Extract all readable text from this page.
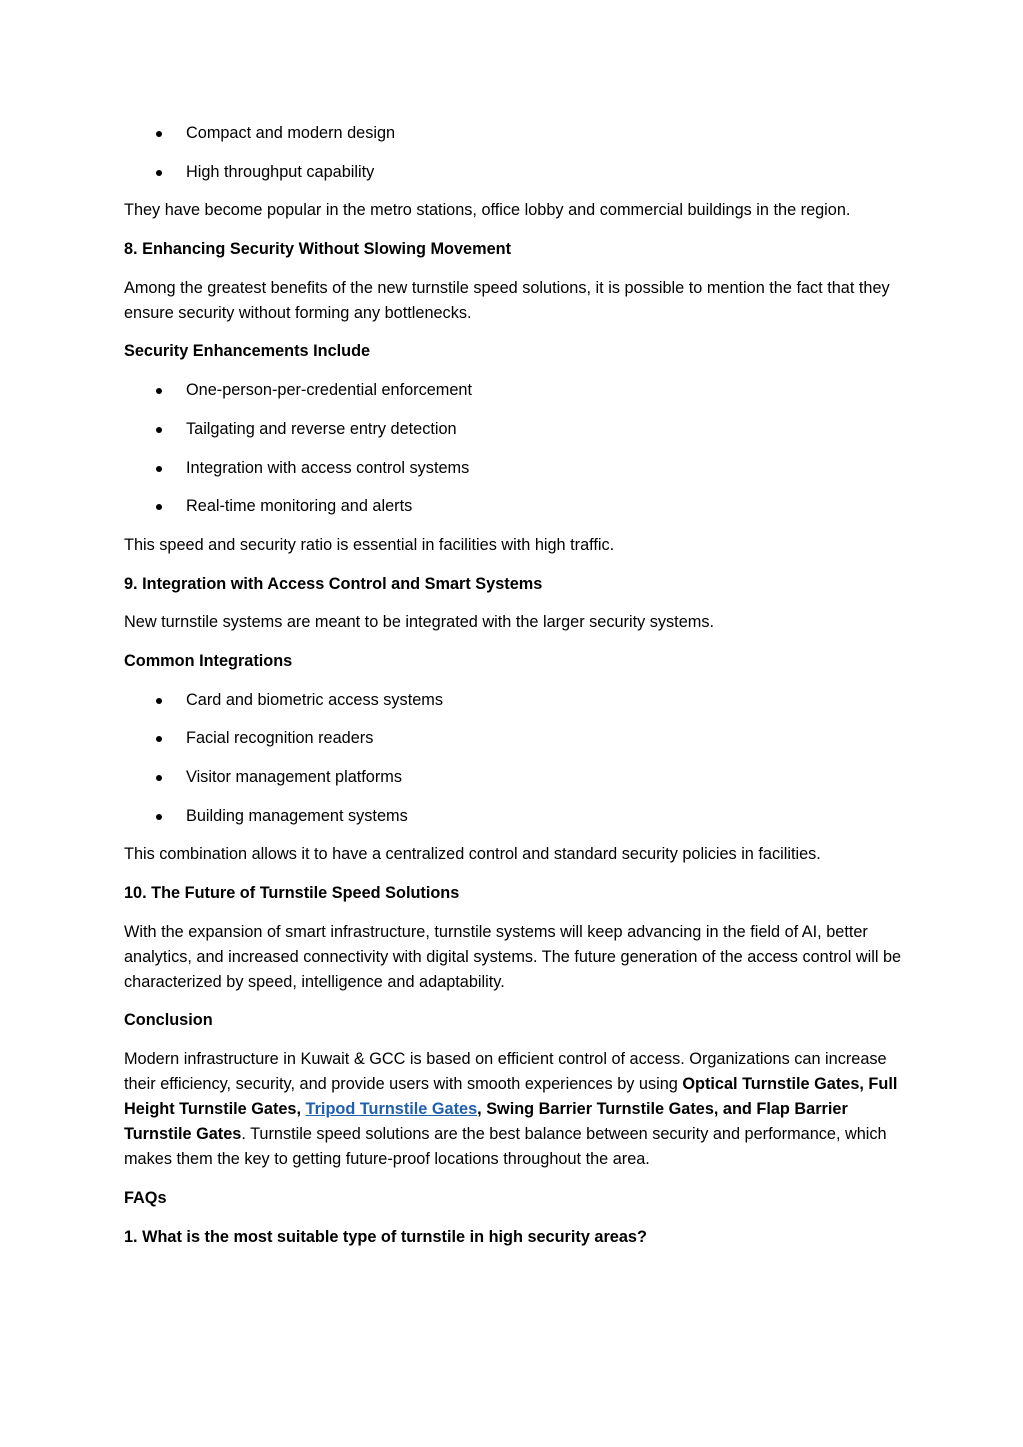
Compact and modern design
High throughput capability

They have become popular in the metro stations, office lobby and commercial buildings in the region.

8. Enhancing Security Without Slowing Movement

Among the greatest benefits of the new turnstile speed solutions, it is possible to mention the fact that they ensure security without forming any bottlenecks.

Security Enhancements Include
One-person-per-credential enforcement
Tailgating and reverse entry detection
Integration with access control systems
Real-time monitoring and alerts

This speed and security ratio is essential in facilities with high traffic.

9. Integration with Access Control and Smart Systems

New turnstile systems are meant to be integrated with the larger security systems.

Common Integrations
Card and biometric access systems
Facial recognition readers
Visitor management platforms
Building management systems

This combination allows it to have a centralized control and standard security policies in facilities.

10. The Future of Turnstile Speed Solutions

With the expansion of smart infrastructure, turnstile systems will keep advancing in the field of AI, better analytics, and increased connectivity with digital systems. The future generation of the access control will be characterized by speed, intelligence and adaptability.

Conclusion

Modern infrastructure in Kuwait & GCC is based on efficient control of access. Organizations can increase their efficiency, security, and provide users with smooth experiences by using Optical Turnstile Gates, Full Height Turnstile Gates, Tripod Turnstile Gates, Swing Barrier Turnstile Gates, and Flap Barrier Turnstile Gates. Turnstile speed solutions are the best balance between security and performance, which makes them the key to getting future-proof locations throughout the area.

FAQs
1. What is the most suitable type of turnstile in high security areas?
